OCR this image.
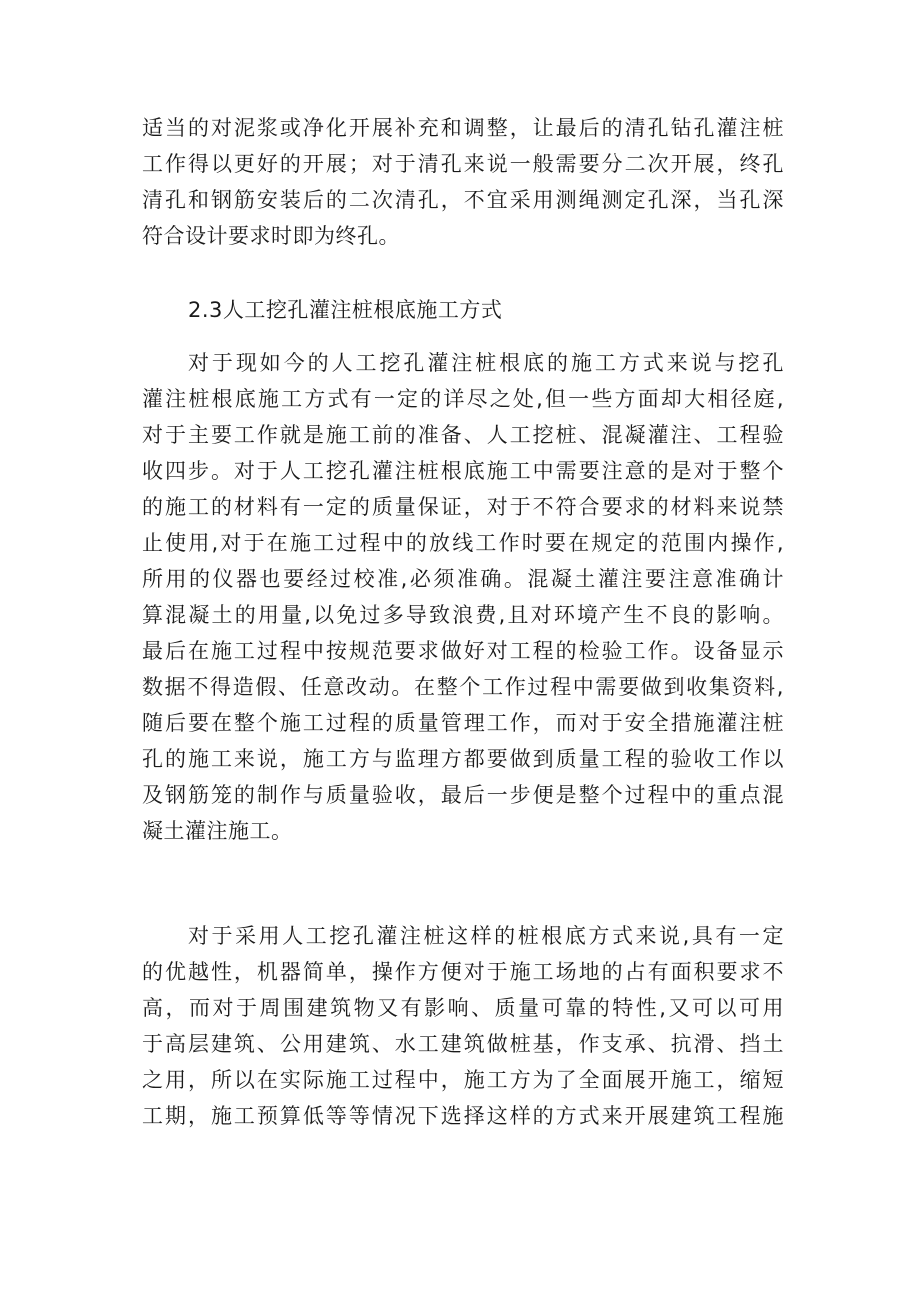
适当的对泥浆或净化开展补充和调整，让最后的清孔钻孔灌注桩
工作得以更好的开展；对于清孔来说一般需要分二次开展，终孔
清孔和钢筋安装后的二次清孔，不宜采用测绳测定孔深，当孔深
符合设计要求时即为终孔。
2.3人工挖孔灌注桩根底施工方式
对于现如今的人工挖孔灌注桩根底的施工方式来说与挖孔
灌注桩根底施工方式有一定的详尽之处,但一些方面却大相径庭,
对于主要工作就是施工前的准备、人工挖桩、混凝灌注、工程验
收四步。对于人工挖孔灌注桩根底施工中需要注意的是对于整个
的施工的材料有一定的质量保证，对于不符合要求的材料来说禁
止使用,对于在施工过程中的放线工作时要在规定的范围内操作,
所用的仪器也要经过校准,必须准确。混凝土灌注要注意准确计
算混凝土的用量,以免过多导致浪费,且对环境产生不良的影响。
最后在施工过程中按规范要求做好对工程的检验工作。设备显示
数据不得造假、任意改动。在整个工作过程中需要做到收集资料,
随后要在整个施工过程的质量管理工作，而对于安全措施灌注桩
孔的施工来说，施工方与监理方都要做到质量工程的验收工作以
及钢筋笼的制作与质量验收，最后一步便是整个过程中的重点混
凝土灌注施工。
对于采用人工挖孔灌注桩这样的桩根底方式来说,具有一定
的优越性，机器简单，操作方便对于施工场地的占有面积要求不
高，而对于周围建筑物又有影响、质量可靠的特性,又可以可用
于高层建筑、公用建筑、水工建筑做桩基，作支承、抗滑、挡土
之用，所以在实际施工过程中，施工方为了全面展开施工，缩短
工期，施工预算低等等情况下选择这样的方式来开展建筑工程施
